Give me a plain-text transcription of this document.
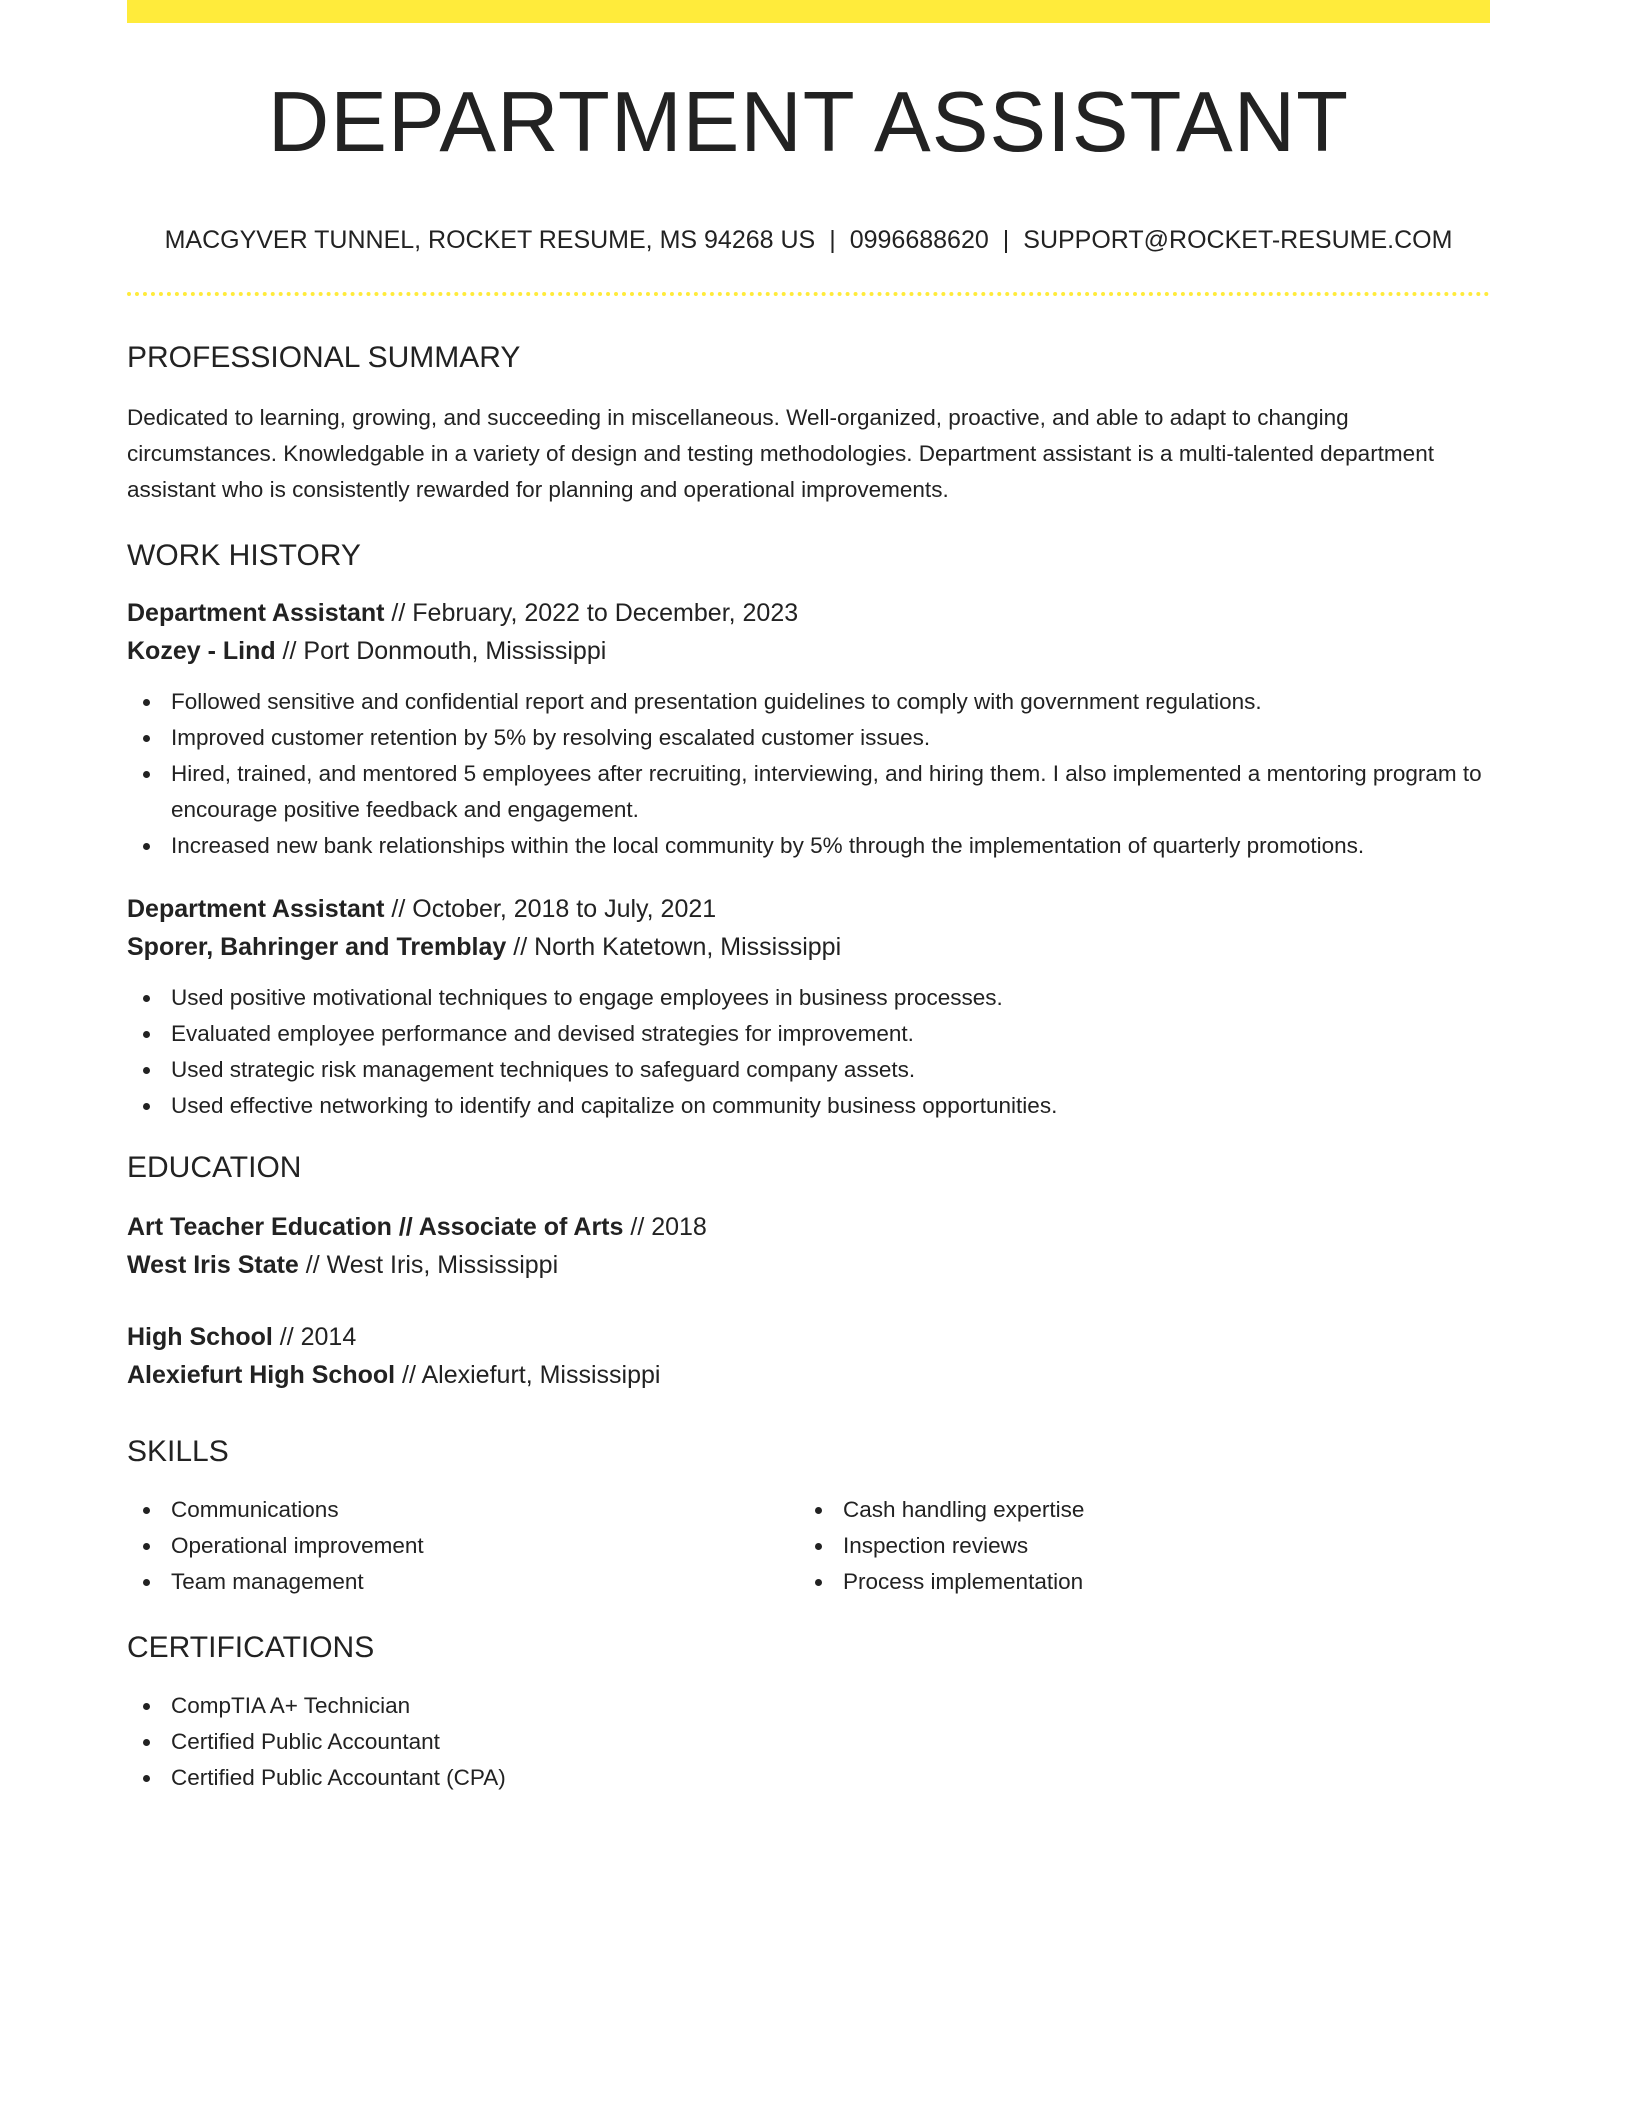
DEPARTMENT ASSISTANT
MACGYVER TUNNEL, ROCKET RESUME, MS 94268 US | 0996688620 | SUPPORT@ROCKET-RESUME.COM
PROFESSIONAL SUMMARY
Dedicated to learning, growing, and succeeding in miscellaneous. Well-organized, proactive, and able to adapt to changing circumstances. Knowledgable in a variety of design and testing methodologies. Department assistant is a multi-talented department assistant who is consistently rewarded for planning and operational improvements.
WORK HISTORY
Department Assistant // February, 2022 to December, 2023
Kozey - Lind // Port Donmouth, Mississippi
Followed sensitive and confidential report and presentation guidelines to comply with government regulations.
Improved customer retention by 5% by resolving escalated customer issues.
Hired, trained, and mentored 5 employees after recruiting, interviewing, and hiring them. I also implemented a mentoring program to encourage positive feedback and engagement.
Increased new bank relationships within the local community by 5% through the implementation of quarterly promotions.
Department Assistant // October, 2018 to July, 2021
Sporer, Bahringer and Tremblay // North Katetown, Mississippi
Used positive motivational techniques to engage employees in business processes.
Evaluated employee performance and devised strategies for improvement.
Used strategic risk management techniques to safeguard company assets.
Used effective networking to identify and capitalize on community business opportunities.
EDUCATION
Art Teacher Education // Associate of Arts // 2018
West Iris State // West Iris, Mississippi
High School // 2014
Alexiefurt High School // Alexiefurt, Mississippi
SKILLS
Communications
Operational improvement
Team management
Cash handling expertise
Inspection reviews
Process implementation
CERTIFICATIONS
CompTIA A+ Technician
Certified Public Accountant
Certified Public Accountant (CPA)
